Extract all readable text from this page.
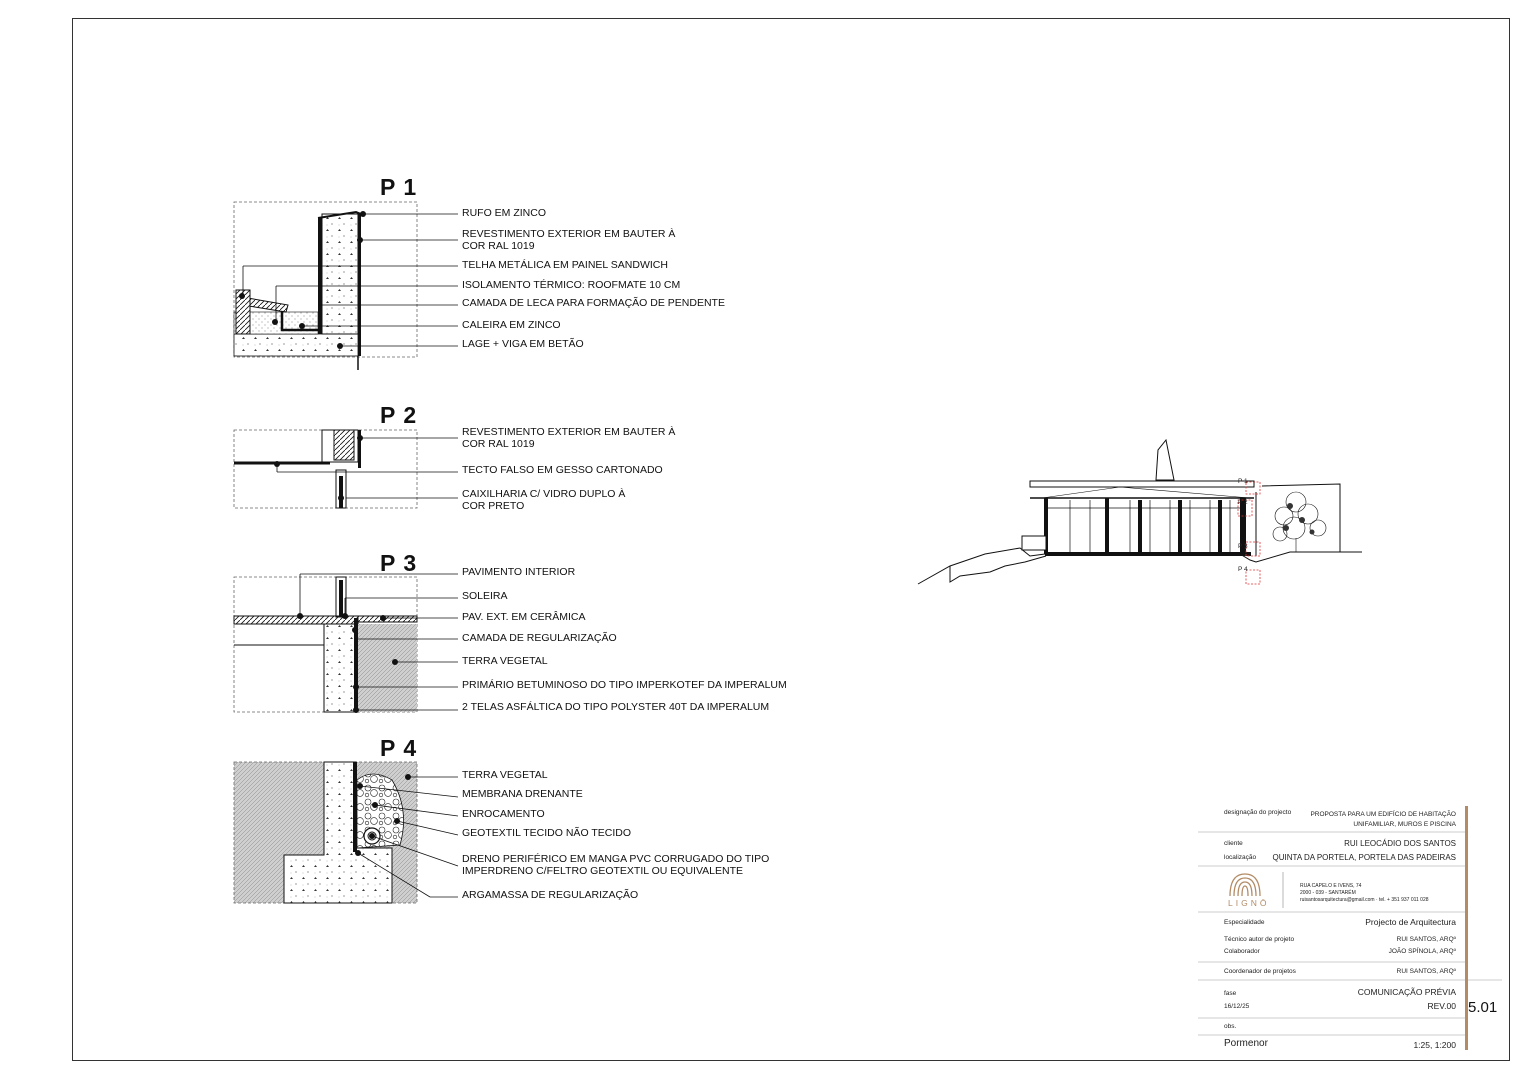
P 1
P 2
P 3
P 4
RUFO EM ZINCO
REVESTIMENTO EXTERIOR EM BAUTER À
COR RAL 1019
TELHA METÁLICA EM PAINEL SANDWICH
ISOLAMENTO TÉRMICO: ROOFMATE 10 CM
CAMADA DE LECA PARA FORMAÇÃO DE PENDENTE
CALEIRA EM ZINCO
LAGE + VIGA EM BETÃO
REVESTIMENTO EXTERIOR EM BAUTER À
COR RAL 1019
TECTO FALSO EM GESSO CARTONADO
CAIXILHARIA C/ VIDRO DUPLO À
COR PRETO
PAVIMENTO INTERIOR
SOLEIRA
PAV. EXT. EM CERÂMICA
CAMADA DE REGULARIZAÇÃO
TERRA VEGETAL
PRIMÁRIO BETUMINOSO DO TIPO IMPERKOTEF DA IMPERALUM
2 TELAS ASFÁLTICA DO TIPO POLYSTER 40T DA IMPERALUM
TERRA VEGETAL
MEMBRANA DRENANTE
ENROCAMENTO
GEOTEXTIL TECIDO NÃO TECIDO
DRENO PERIFÉRICO EM MANGA PVC CORRUGADO DO TIPO
IMPERDRENO C/FELTRO GEOTEXTIL OU EQUIVALENTE
ARGAMASSA DE REGULARIZAÇÃO
P 1
P 2
P 3
P 4
designação do projecto	PROPOSTA PARA UM EDIFÍCIO DE HABITAÇÃO
UNIFAMILIAR, MUROS E PISCINA
cliente	RUI LEOCÁDIO DOS SANTOS
localização QUINTA DA PORTELA, PORTELA DAS PADEIRAS
LIGNŌ
RUA CAPELO E IVENS, 74
2000 - 039 - SANTARÉM
ruisantosarquitectura@gmail.com · tel. + 351 937 011 028
Especialidade	Projecto de Arquitectura
Técnico autor de projeto	RUI SANTOS, ARQº
Colaborador	JOÃO SPÍNOLA, ARQº
Coordenador de projetos	RUI SANTOS, ARQº
fase	COMUNICAÇÃO PRÉVIA
16/12/25	REV.00
obs.
Pormenor	1:25, 1:200
5.01
